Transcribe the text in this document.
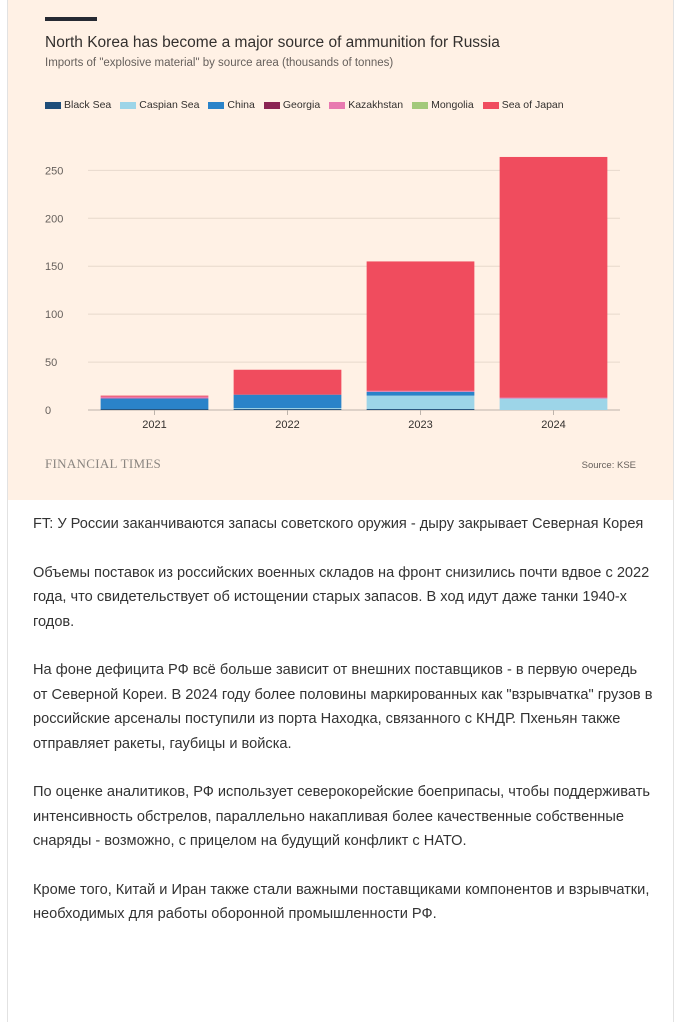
North Korea has become a major source of ammunition for Russia
Imports of "explosive material" by source area (thousands of tonnes)
Black Sea	Caspian Sea	China	Georgia	Kazakhstan	Mongolia	Sea of Japan
0
50
100
150
200
250
2021	2022	2023	2024
FINANCIAL TIMES	Source: KSE

FT: У России заканчиваются запасы советского оружия - дыру закрывает Северная Корея

Объемы поставок из российских военных складов на фронт снизились почти вдвое с 2022 года, что свидетельствует об истощении старых запасов. В ход идут даже танки 1940-х годов.

На фоне дефицита РФ всё больше зависит от внешних поставщиков - в первую очередь от Северной Кореи. В 2024 году более половины маркированных как "взрывчатка" грузов в российские арсеналы поступили из порта Находка, связанного с КНДР. Пхеньян также отправляет ракеты, гаубицы и войска.

По оценке аналитиков, РФ использует северокорейские боеприпасы, чтобы поддерживать интенсивность обстрелов, параллельно накапливая более качественные собственные снаряды - возможно, с прицелом на будущий конфликт с НАТО.

Кроме того, Китай и Иран также стали важными поставщиками компонентов и взрывчатки, необходимых для работы оборонной промышленности РФ.
